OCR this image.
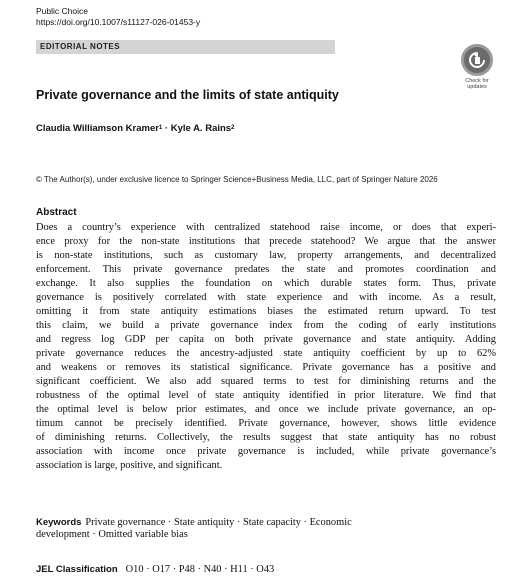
Public Choice
https://doi.org/10.1007/s11127-026-01453-y
EDITORIAL NOTES
Check for
updates
Private governance and the limits of state antiquity
Claudia Williamson Kramer$^1$ · Kyle A. Rains$^2$
© The Author(s), under exclusive licence to Springer Science+Business Media, LLC, part of Springer Nature 2026
Abstract
Does a country’s experience with centralized statehood raise income, or does that experi-
ence proxy for the non-state institutions that precede statehood? We argue that the answer
is non-state institutions, such as customary law, property arrangements, and decentralized
enforcement. This private governance predates the state and promotes coordination and
exchange. It also supplies the foundation on which durable states form. Thus, private
governance is positively correlated with state experience and with income. As a result,
omitting it from state antiquity estimations biases the estimated return upward. To test
this claim, we build a private governance index from the coding of early institutions
and regress log GDP per capita on both private governance and state antiquity. Adding
private governance reduces the ancestry-adjusted state antiquity coefficient by up to 62%
and weakens or removes its statistical significance. Private governance has a positive and
significant coefficient. We also add squared terms to test for diminishing returns and the
robustness of the optimal level of state antiquity identified in prior literature. We find that
the optimal level is below prior estimates, and once we include private governance, an op-
timum cannot be precisely identified. Private governance, however, shows little evidence
of diminishing returns. Collectively, the results suggest that state antiquity has no robust
association with income once private governance is included, while private governance’s
association is large, positive, and significant.
Keywords Private governance · State antiquity · State capacity · Economic
development · Omitted variable bias
JEL Classification O10 · O17 · P48 · N40 · H11 · O43
